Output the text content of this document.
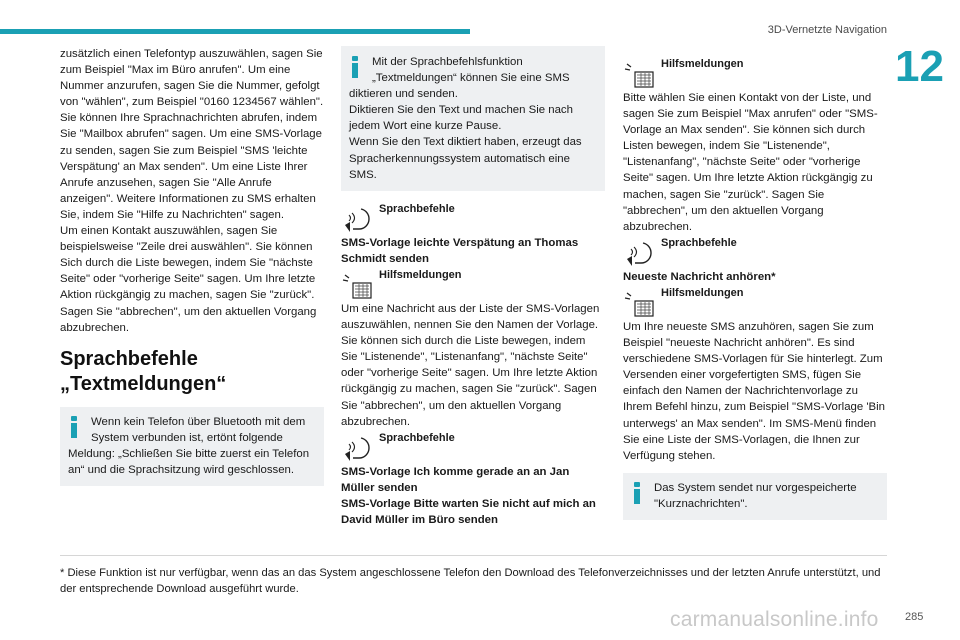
3D-Vernetzte Navigation
12

zusätzlich einen Telefontyp auszuwählen, sagen Sie zum Beispiel "Max im Büro anrufen". Um eine Nummer anzurufen, sagen Sie die Nummer, gefolgt von "wählen", zum Beispiel "0160 1234567 wählen". Sie können Ihre Sprachnachrichten abrufen, indem Sie "Mailbox abrufen" sagen. Um eine SMS-Vorlage zu senden, sagen Sie zum Beispiel "SMS 'leichte Verspätung' an Max senden". Um eine Liste Ihrer Anrufe anzusehen, sagen Sie "Alle Anrufe anzeigen". Weitere Informationen zu SMS erhalten Sie, indem Sie "Hilfe zu Nachrichten" sagen.

Um einen Kontakt auszuwählen, sagen Sie beispielsweise "Zeile drei auswählen". Sie können Sich durch die Liste bewegen, indem Sie "nächste Seite" oder "vorherige Seite" sagen. Um Ihre letzte Aktion rückgängig zu machen, sagen Sie "zurück". Sagen Sie "abbrechen", um den aktuellen Vorgang abzubrechen.

Sprachbefehle „Textmeldungen“
Wenn kein Telefon über Bluetooth mit dem System verbunden ist, ertönt folgende Meldung: „Schließen Sie bitte zuerst ein Telefon an“ und die Sprachsitzung wird geschlossen.
Mit der Sprachbefehlsfunktion „Textmeldungen“ können Sie eine SMS diktieren und senden.
Diktieren Sie den Text und machen Sie nach jedem Wort eine kurze Pause.
Wenn Sie den Text diktiert haben, erzeugt das Spracherkennungssystem automatisch eine SMS.
Sprachbefehle

SMS-Vorlage leichte Verspätung an Thomas Schmidt senden

Hilfsmeldungen

Um eine Nachricht aus der Liste der SMS-Vorlagen auszuwählen, nennen Sie den Namen der Vorlage. Sie können sich durch die Liste bewegen, indem Sie "Listenende", "Listenanfang", "nächste Seite" oder "vorherige Seite" sagen. Um Ihre letzte Aktion rückgängig zu machen, sagen Sie "zurück". Sagen Sie "abbrechen", um den aktuellen Vorgang abzubrechen.

Sprachbefehle

SMS-Vorlage Ich komme gerade an an Jan Müller senden

SMS-Vorlage Bitte warten Sie nicht auf mich an David Müller im Büro senden

Hilfsmeldungen

Bitte wählen Sie einen Kontakt von der Liste, und sagen Sie zum Beispiel "Max anrufen" oder "SMS-Vorlage an Max senden". Sie können sich durch Listen bewegen, indem Sie "Listenende", "Listenanfang", "nächste Seite" oder "vorherige Seite" sagen. Um Ihre letzte Aktion rückgängig zu machen, sagen Sie "zurück". Sagen Sie "abbrechen", um den aktuellen Vorgang abzubrechen.

Sprachbefehle

Neueste Nachricht anhören*

Hilfsmeldungen

Um Ihre neueste SMS anzuhören, sagen Sie zum Beispiel "neueste Nachricht anhören". Es sind verschiedene SMS-Vorlagen für Sie hinterlegt. Zum Versenden einer vorgefertigten SMS, fügen Sie einfach den Namen der Nachrichtenvorlage zu Ihrem Befehl hinzu, zum Beispiel "SMS-Vorlage 'Bin unterwegs' an Max senden". Im SMS-Menü finden Sie eine Liste der SMS-Vorlagen, die Ihnen zur Verfügung stehen.

Das System sendet nur vorgespeicherte "Kurznachrichten".

* Diese Funktion ist nur verfügbar, wenn das an das System angeschlossene Telefon den Download des Telefonverzeichnisses und der letzten Anrufe unterstützt, und der entsprechende Download ausgeführt wurde.

carmanualsonline.info 285
